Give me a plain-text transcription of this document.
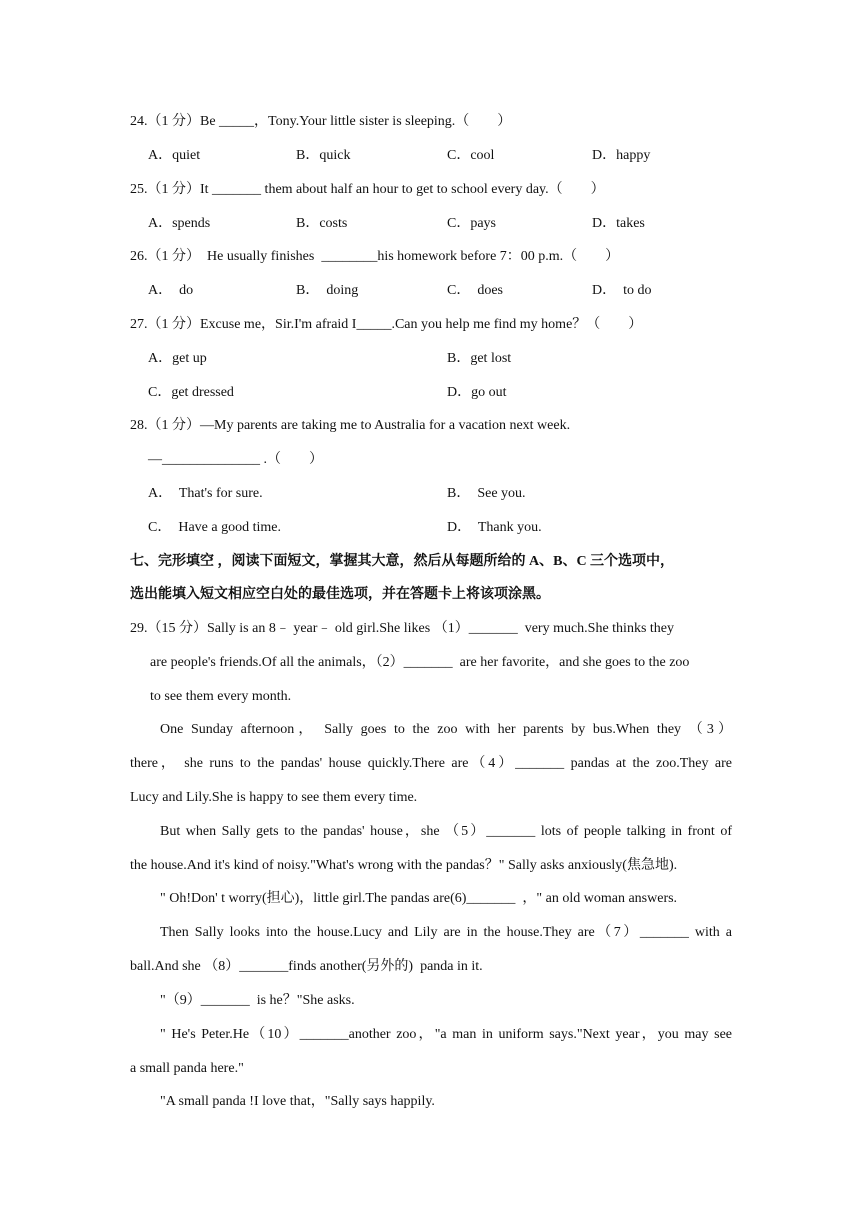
24.（1 分）Be _____，Tony.Your little sister is sleeping.（        ）
A．quiet	B．quick	C．cool	D．happy
25.（1 分）It _______ them about half an hour to get to school every day.（        ）
A．spends	B．costs	C．pays	D．takes
26.（1 分）  He usually finishes  ________his homework before 7：00 p.m.（        ）
A．  do	B．  doing	C．  does	D．  to do
27.（1 分）Excuse me，Sir.I'm afraid I_____.Can you help me find my home？（        ）
A．get up	B．get lost
C．get dressed	D．go out
28.（1 分）—My parents are taking me to Australia for a vacation next week.
—______________ .（        ）
A．  That's for sure.	B．  See you.
C．  Have a good time.	D．  Thank you.
七、完形填空 ，阅读下面短文，掌握其大意，然后从每题所给的 A、B、C 三个选项中，
选出能填入短文相应空白处的最佳选项，并在答题卡上将该项涂黑。
29.（15 分）Sally is an 8﹣ year﹣ old girl.She likes （1）_______  very much.She thinks they
are people's friends.Of all the animals，（2）_______  are her favorite，and she goes to the zoo
to see them every month.
One Sunday afternoon， Sally goes to the zoo with her parents by bus.When they （3）
there， she runs to the pandas' house quickly.There are（4）_______ pandas at the zoo.They are
Lucy and Lily.She is happy to see them every time.
But when Sally gets to the pandas' house，she （5）_______ lots of people talking in front of
the house.And it's kind of noisy."What's wrong with the pandas？" Sally asks anxiously(焦急地).
" Oh!Don' t worry(担心)，little girl.The pandas are(6)_______  ，" an old woman answers.
Then Sally looks into the house.Lucy and Lily are in the house.They are（7）_______ with a
ball.And she （8）_______finds another(另外的)  panda in it.
"（9）_______  is he？"She asks.
" He's Peter.He（10）_______another zoo，"a man in uniform says."Next year，you may see
a small panda here."
"A small panda !I love that，"Sally says happily.
